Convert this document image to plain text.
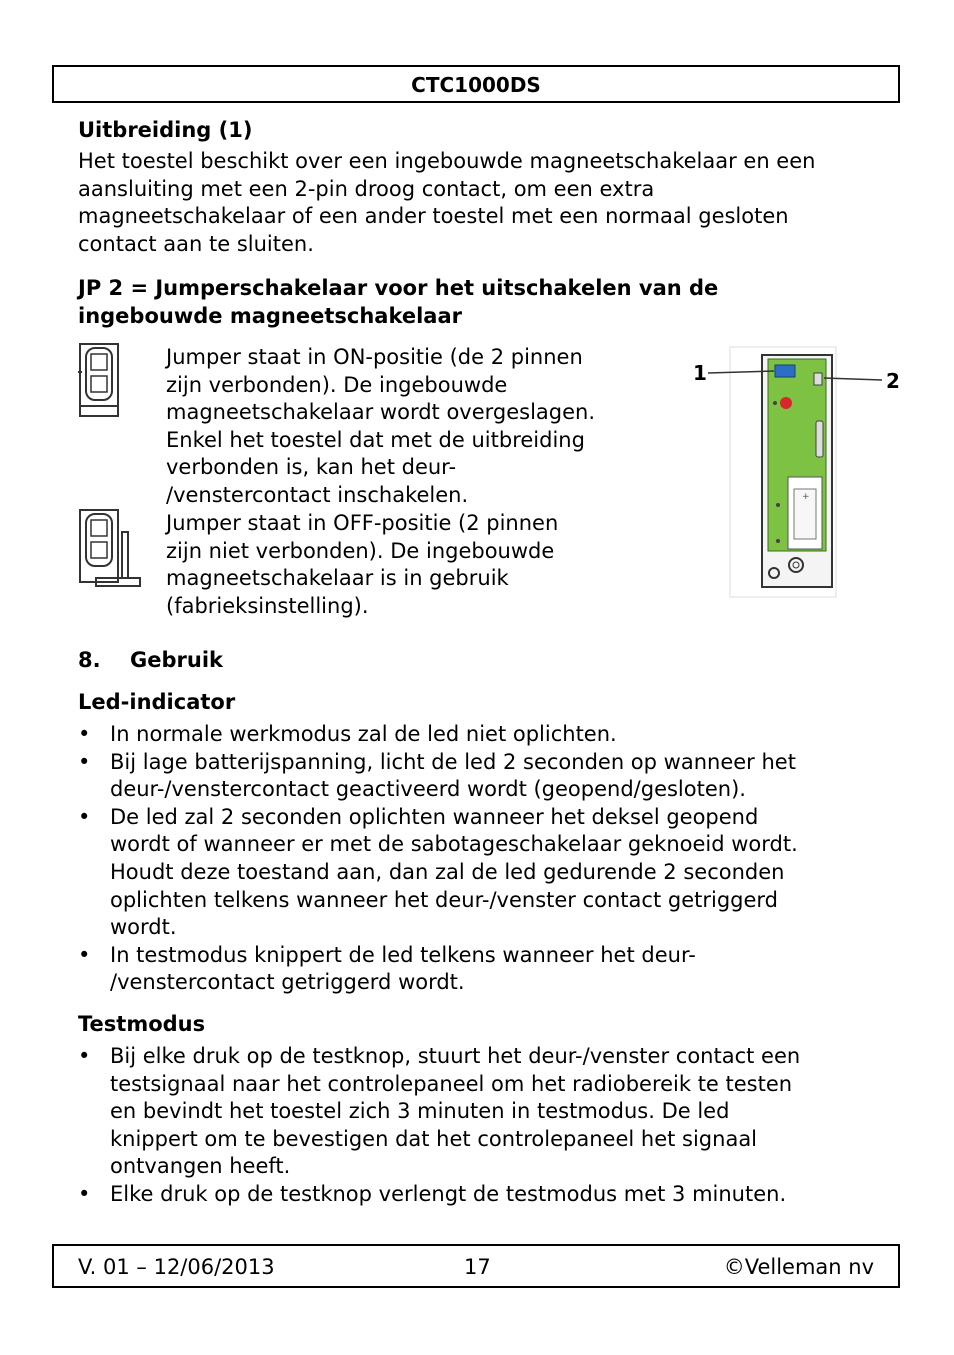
CTC1000DS
Uitbreiding (1)
Het toestel beschikt over een ingebouwde magneetschakelaar en een
aansluiting met een 2-pin droog contact, om een extra
magneetschakelaar of een ander toestel met een normaal gesloten
contact aan te sluiten.
JP 2 = Jumperschakelaar voor het uitschakelen van de
ingebouwde magneetschakelaar
Jumper staat in ON-positie (de 2 pinnen
zijn verbonden). De ingebouwde
magneetschakelaar wordt overgeslagen.
Enkel het toestel dat met de uitbreiding
verbonden is, kan het deur-
/venstercontact inschakelen.
Jumper staat in OFF-positie (2 pinnen
zijn niet verbonden). De ingebouwde
magneetschakelaar is in gebruik
(fabrieksinstelling).
+
1	2
8. Gebruik
Led-indicator
• In normale werkmodus zal de led niet oplichten.
• Bij lage batterijspanning, licht de led 2 seconden op wanneer het
deur-/venstercontact geactiveerd wordt (geopend/gesloten).
• De led zal 2 seconden oplichten wanneer het deksel geopend
wordt of wanneer er met de sabotageschakelaar geknoeid wordt.
Houdt deze toestand aan, dan zal de led gedurende 2 seconden
oplichten telkens wanneer het deur-/venster contact getriggerd
wordt.
• In testmodus knippert de led telkens wanneer het deur-
/venstercontact getriggerd wordt.
Testmodus
• Bij elke druk op de testknop, stuurt het deur-/venster contact een
testsignaal naar het controlepaneel om het radiobereik te testen
en bevindt het toestel zich 3 minuten in testmodus. De led
knippert om te bevestigen dat het controlepaneel het signaal
ontvangen heeft.
• Elke druk op de testknop verlengt de testmodus met 3 minuten.
V. 01 – 12/06/2013	17	©Velleman nv
